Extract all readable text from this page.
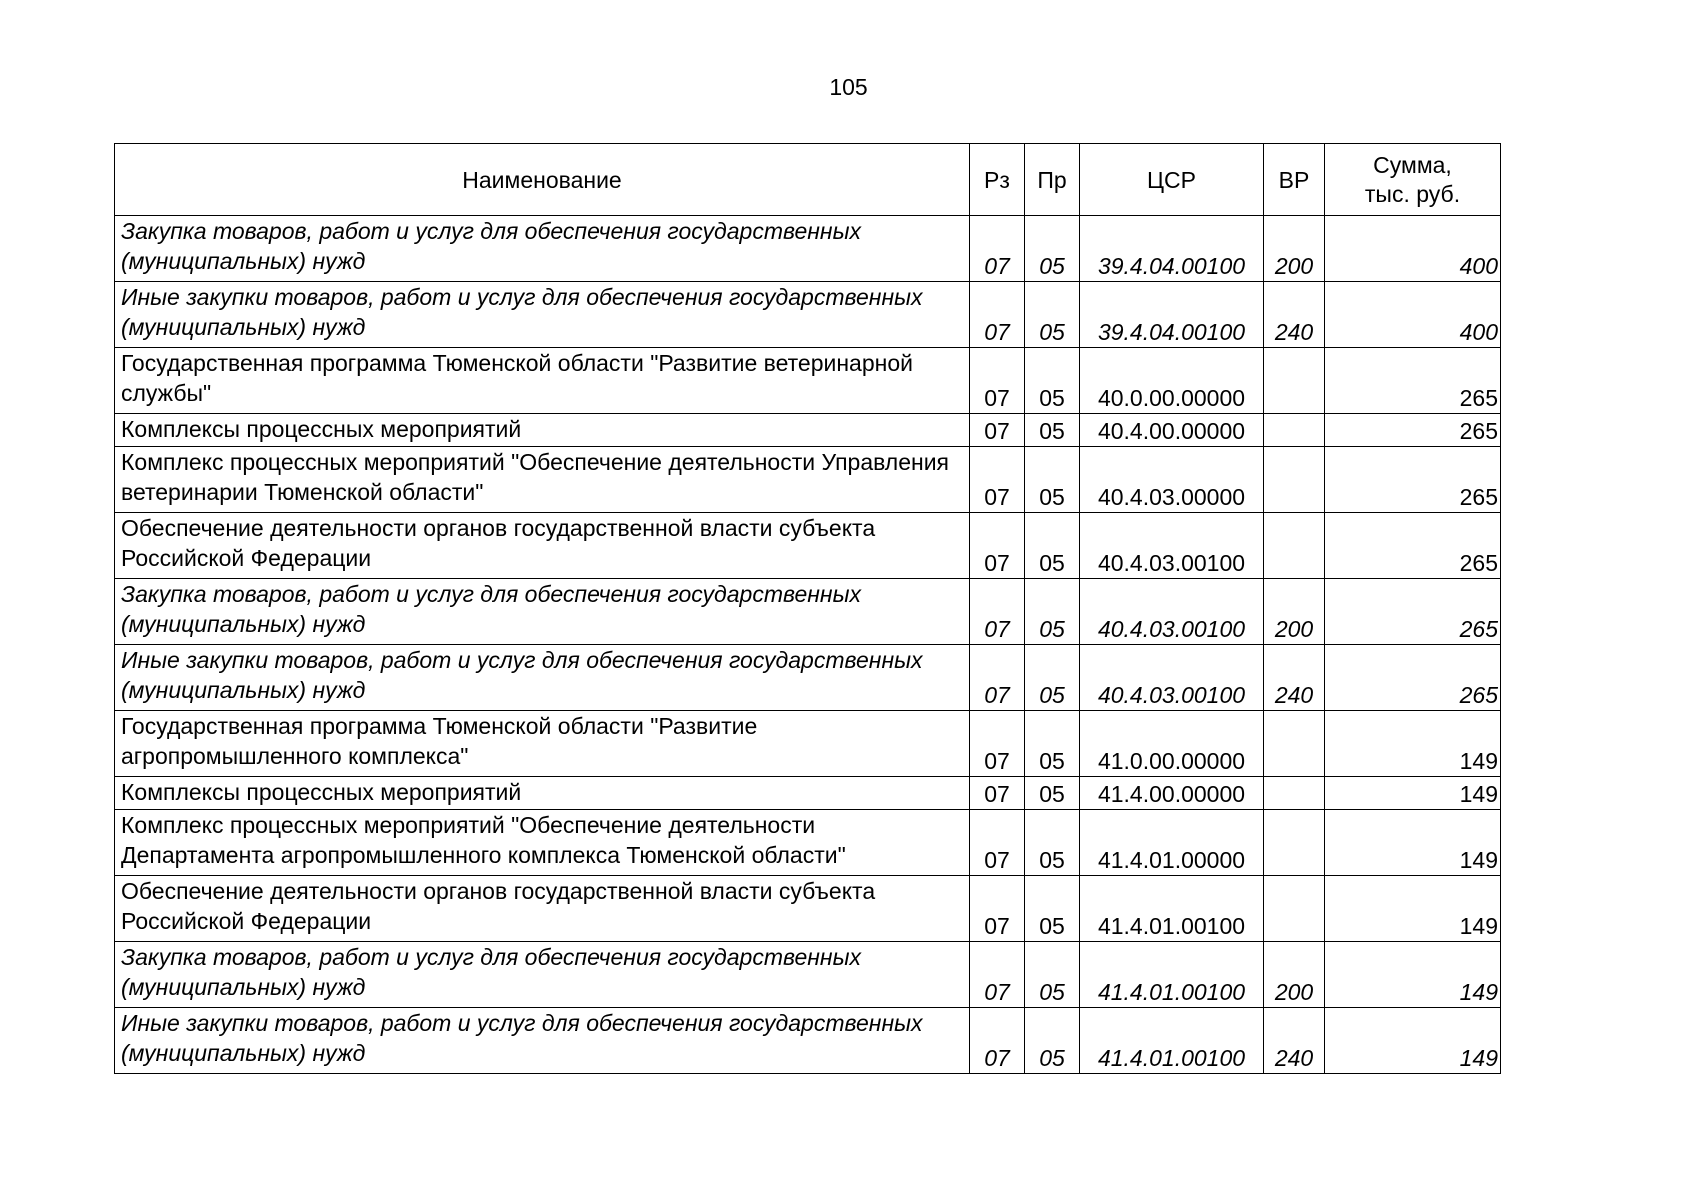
105
Наименование	Рз	Пр	ЦСР	ВР	Сумма,
тыс. руб.
Закупка товаров, работ и услуг для обеспечения государственных (муниципальных) нужд	07	05	39.4.04.00100	200	400
Иные закупки товаров, работ и услуг для обеспечения государственных (муниципальных) нужд	07	05	39.4.04.00100	240	400
Государственная программа Тюменской области "Развитие ветеринарной службы"	07	05	40.0.00.00000		265
Комплексы процессных мероприятий	07	05	40.4.00.00000		265
Комплекс процессных мероприятий "Обеспечение деятельности Управления ветеринарии Тюменской области"	07	05	40.4.03.00000		265
Обеспечение деятельности органов государственной власти субъекта Российской Федерации	07	05	40.4.03.00100		265
Закупка товаров, работ и услуг для обеспечения государственных (муниципальных) нужд	07	05	40.4.03.00100	200	265
Иные закупки товаров, работ и услуг для обеспечения государственных (муниципальных) нужд	07	05	40.4.03.00100	240	265
Государственная программа Тюменской области "Развитие агропромышленного комплекса"	07	05	41.0.00.00000		149
Комплексы процессных мероприятий	07	05	41.4.00.00000		149
Комплекс процессных мероприятий "Обеспечение деятельности Департамента агропромышленного комплекса Тюменской области"	07	05	41.4.01.00000		149
Обеспечение деятельности органов государственной власти субъекта Российской Федерации	07	05	41.4.01.00100		149
Закупка товаров, работ и услуг для обеспечения государственных (муниципальных) нужд	07	05	41.4.01.00100	200	149
Иные закупки товаров, работ и услуг для обеспечения государственных (муниципальных) нужд	07	05	41.4.01.00100	240	149
